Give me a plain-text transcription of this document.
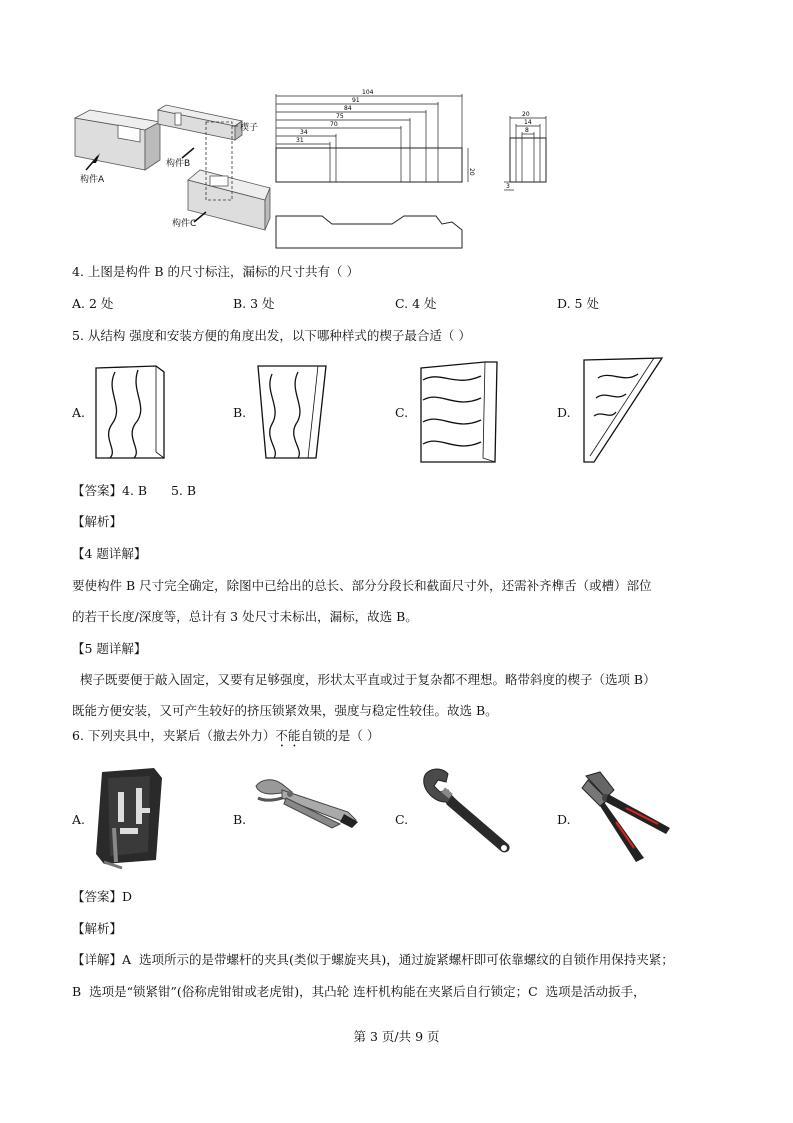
构件A
构件B
构件C
楔子
104
91
84
75
70
34
31
20
20
14
8
3
4. 上图是构件 B 的尺寸标注，漏标的尺寸共有（ ）
A. 2 处	B. 3 处	C. 4 处	D. 5 处
5. 从结构 强度和安装方便的角度出发，以下哪种样式的楔子最合适（ ）
A.	B.	C.	D.
【答案】4. B      5. B
【解析】
【4 题详解】
要使构件 B 尺寸完全确定，除图中已给出的总长、部分分段长和截面尺寸外，还需补齐榫舌（或槽）部位
的若干长度/深度等，总计有 3 处尺寸未标出，漏标，故选 B。
【5 题详解】
楔子既要便于敲入固定，又要有足够强度，形状太平直或过于复杂都不理想。略带斜度的楔子（选项 B）
既能方便安装，又可产生较好的挤压锁紧效果，强度与稳定性较佳。故选 B。
6. 下列夹具中，夹紧后（撤去外力）不能自锁的是（ ）
A.	B.	C.	D.
【答案】D
【解析】
【详解】A  选项所示的是带螺杆的夹具(类似于螺旋夹具)，通过旋紧螺杆即可依靠螺纹的自锁作用保持夹紧；
B  选项是“锁紧钳”(俗称虎钳钳或老虎钳)，其凸轮 连杆机构能在夹紧后自行锁定；C  选项是活动扳手，
第 3 页/共 9 页
